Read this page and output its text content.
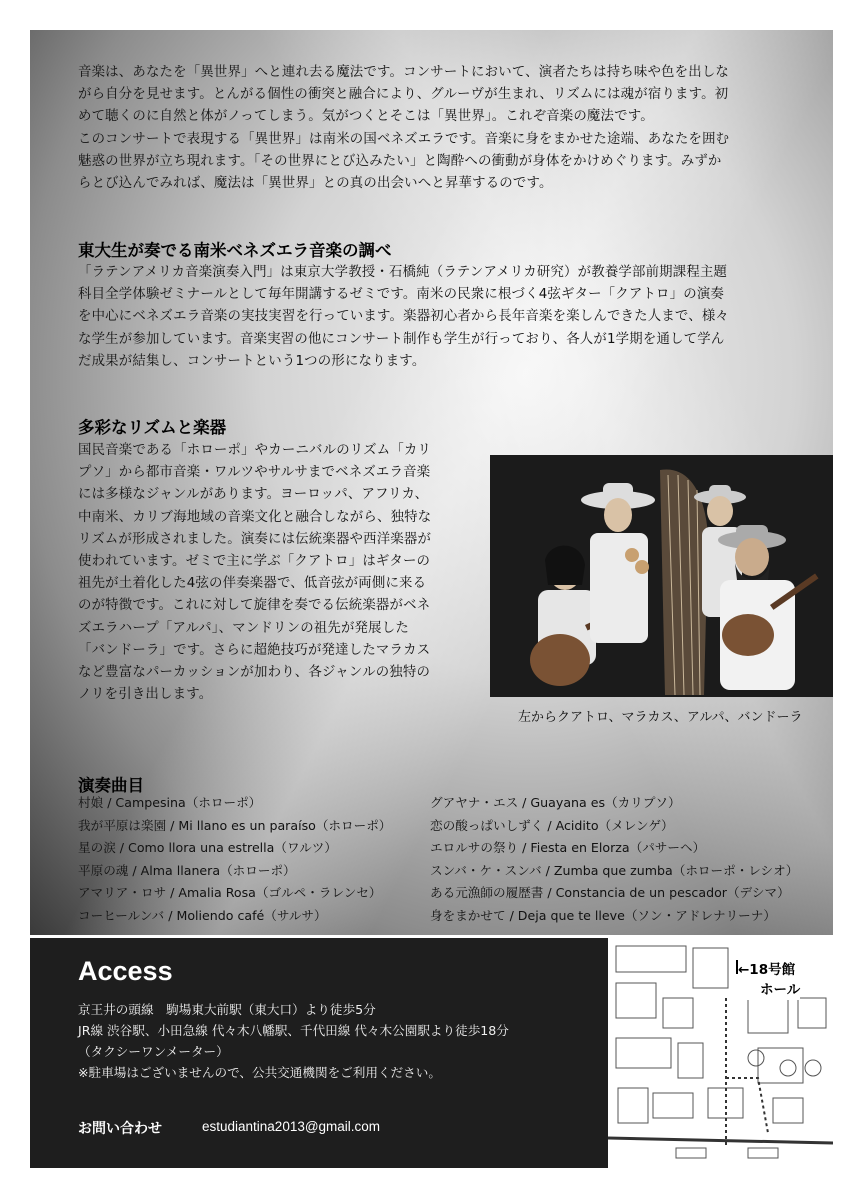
音楽は、あなたを「異世界」へと連れ去る魔法です。コンサートにおいて、演者たちは持ち味や色を出しな
がら自分を見せます。とんがる個性の衝突と融合により、グルーヴが生まれ、リズムには魂が宿ります。初
めて聴くのに自然と体がノってしまう。気がつくとそこは「異世界」。これぞ音楽の魔法です。
このコンサートで表現する「異世界」は南米の国ベネズエラです。音楽に身をまかせた途端、あなたを囲む
魅惑の世界が立ち現れます。「その世界にとび込みたい」と陶酔への衝動が身体をかけめぐります。みずか
らとび込んでみれば、魔法は「異世界」との真の出会いへと昇華するのです。
東大生が奏でる南米ベネズエラ音楽の調べ
「ラテンアメリカ音楽演奏入門」は東京大学教授・石橋純（ラテンアメリカ研究）が教養学部前期課程主題
科目全学体験ゼミナールとして毎年開講するゼミです。南米の民衆に根づく4弦ギター「クアトロ」の演奏
を中心にベネズエラ音楽の実技実習を行っています。楽器初心者から長年音楽を楽しんできた人まで、様々
な学生が参加しています。音楽実習の他にコンサート制作も学生が行っており、各人が1学期を通して学ん
だ成果が結集し、コンサートという1つの形になります。
多彩なリズムと楽器
国民音楽である「ホローポ」やカーニバルのリズム「カリ
プソ」から都市音楽・ワルツやサルサまでベネズエラ音楽
には多様なジャンルがあります。ヨーロッパ、アフリカ、
中南米、カリブ海地域の音楽文化と融合しながら、独特な
リズムが形成されました。演奏には伝統楽器や西洋楽器が
使われています。ゼミで主に学ぶ「クアトロ」はギターの
祖先が土着化した4弦の伴奏楽器で、低音弦が両側に来る
のが特徴です。これに対して旋律を奏でる伝統楽器がベネ
ズエラハープ「アルパ」、マンドリンの祖先が発展した
「バンドーラ」です。さらに超絶技巧が発達したマラカス
など豊富なパーカッションが加わり、各ジャンルの独特の
ノリを引き出します。
左からクアトロ、マラカス、アルパ、バンドーラ
演奏曲目
村娘 / Campesina（ホローポ）
我が平原は楽園 / Mi llano es un paraíso（ホローポ）
星の涙 / Como llora una estrella（ワルツ）
平原の魂 / Alma llanera（ホローポ）
アマリア・ロサ / Amalia Rosa（ゴルペ・ラレンセ）
コーヒールンバ / Moliendo café（サルサ）
グアヤナ・エス / Guayana es（カリプソ）
恋の酸っぱいしずく / Acidito（メレンゲ）
エロルサの祭り / Fiesta en Elorza（パサーヘ）
スンバ・ケ・スンバ / Zumba que zumba（ホローポ・レシオ）
ある元漁師の履歴書 / Constancia de un pescador（デシマ）
身をまかせて / Deja que te lleve（ソン・アドレナリーナ）
Access
京王井の頭線　駒場東大前駅（東大口）より徒歩5分
JR線 渋谷駅、小田急線 代々木八幡駅、千代田線 代々木公園駅より徒歩18分
（タクシーワンメーター）
※駐車場はございませんので、公共交通機関をご利用ください。
お問い合わせ	estudiantina2013@gmail.com
←18号館
ホール
